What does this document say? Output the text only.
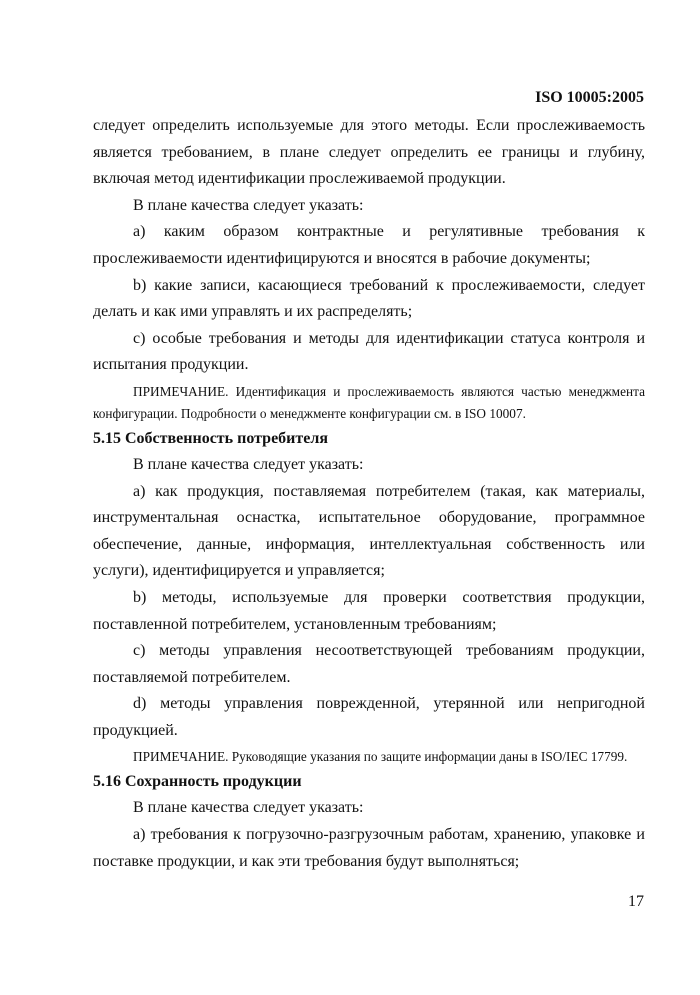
ISO 10005:2005

следует определить используемые для этого методы. Если прослеживаемость является требованием, в плане следует определить ее границы и глубину, включая метод идентификации прослеживаемой продукции.

В плане качества следует указать:

а) каким образом контрактные и регулятивные требования к прослеживаемости идентифицируются и вносятся в рабочие документы;

b) какие записи, касающиеся требований к прослеживаемости, следует делать и как ими управлять и их распределять;

с) особые требования и методы для идентификации статуса контроля и испытания продукции.

ПРИМЕЧАНИЕ. Идентификация и прослеживаемость являются частью менеджмента конфигурации. Подробности о менеджменте конфигурации см. в ISO 10007.

5.15 Собственность потребителя

В плане качества следует указать:

а) как продукция, поставляемая потребителем (такая, как материалы, инструментальная оснастка, испытательное оборудование, программное обеспечение, данные, информация, интеллектуальная собственность или услуги), идентифицируется и управляется;

b) методы, используемые для проверки соответствия продукции, поставленной потребителем, установленным требованиям;

с) методы управления несоответствующей требованиям продукции, поставляемой потребителем.

d) методы управления поврежденной, утерянной или непригодной продукцией.

ПРИМЕЧАНИЕ. Руководящие указания по защите информации даны в ISO/IEC 17799.

5.16 Сохранность продукции

В плане качества следует указать:

а) требования к погрузочно-разгрузочным работам, хранению, упаковке и поставке продукции, и как эти требования будут выполняться;

17
